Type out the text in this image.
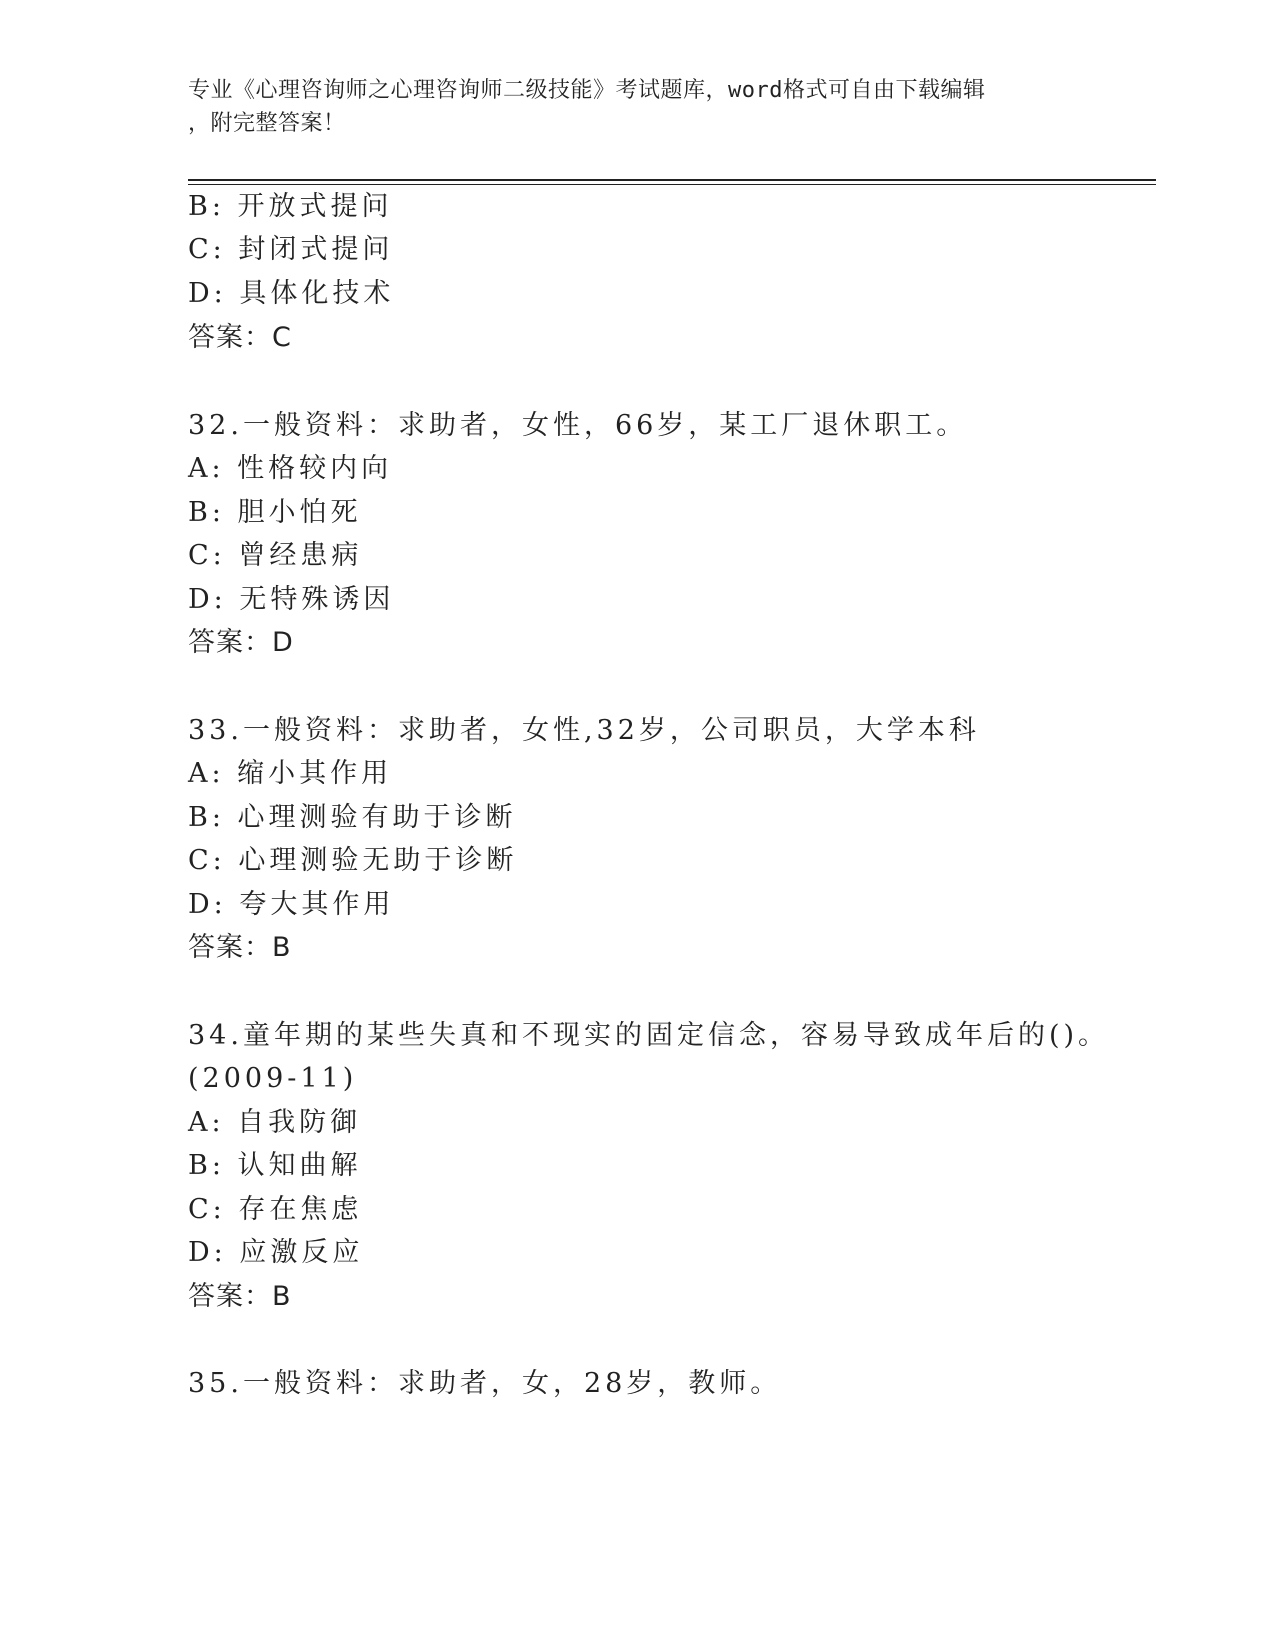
专业《心理咨询师之心理咨询师二级技能》考试题库，word格式可自由下载编辑
，附完整答案！
B: 开放式提问
C: 封闭式提问
D: 具体化技术
答案：C
32.一般资料：求助者，女性，66岁，某工厂退休职工。
A: 性格较内向
B: 胆小怕死
C: 曾经患病
D: 无特殊诱因
答案：D
33.一般资料：求助者，女性,32岁，公司职员，大学本科
A: 缩小其作用
B: 心理测验有助于诊断
C: 心理测验无助于诊断
D: 夸大其作用
答案：B
34.童年期的某些失真和不现实的固定信念，容易导致成年后的()。
(2009-11)
A: 自我防御
B: 认知曲解
C: 存在焦虑
D: 应激反应
答案：B
35.一般资料：求助者，女，28岁，教师。
